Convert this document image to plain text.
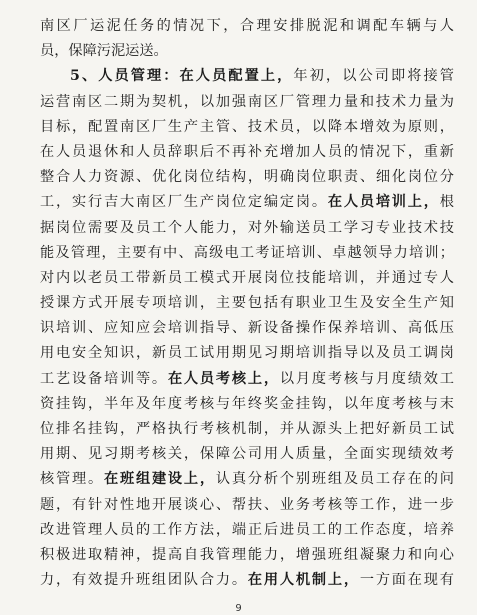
南区厂运泥任务的情况下，合理安排脱泥和调配车辆与人
员，保障污泥运送。
5、人员管理：在人员配置上，年初，以公司即将接管
运营南区二期为契机，以加强南区厂管理力量和技术力量为
目标，配置南区厂生产主管、技术员，以降本增效为原则，
在人员退休和人员辞职后不再补充增加人员的情况下，重新
整合人力资源、优化岗位结构，明确岗位职责、细化岗位分
工，实行吉大南区厂生产岗位定编定岗。在人员培训上，根
据岗位需要及员工个人能力，对外输送员工学习专业技术技
能及管理，主要有中、高级电工考证培训、卓越领导力培训；
对内以老员工带新员工模式开展岗位技能培训，并通过专人
授课方式开展专项培训，主要包括有职业卫生及安全生产知
识培训、应知应会培训指导、新设备操作保养培训、高低压
用电安全知识，新员工试用期见习期培训指导以及员工调岗
工艺设备培训等。在人员考核上，以月度考核与月度绩效工
资挂钩，半年及年度考核与年终奖金挂钩，以年度考核与末
位排名挂钩，严格执行考核机制，并从源头上把好新员工试
用期、见习期考核关，保障公司用人质量，全面实现绩效考
核管理。在班组建设上，认真分析个别班组及员工存在的问
题，有针对性地开展谈心、帮扶、业务考核等工作，进一步
改进管理人员的工作方法，端正后进员工的工作态度，培养
积极进取精神，提高自我管理能力，增强班组凝聚力和向心
力，有效提升班组团队合力。在用人机制上，一方面在现有
9
